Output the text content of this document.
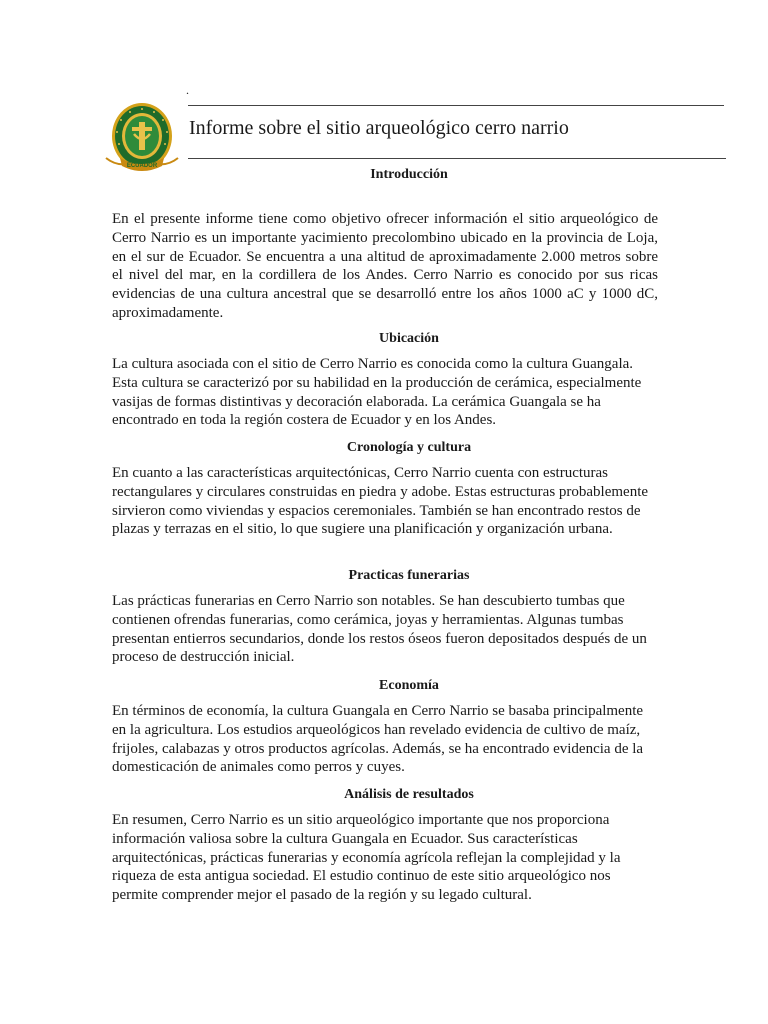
.
ECUADOR
Informe sobre el sitio arqueológico cerro narrio
Introducción

En el presente informe tiene como objetivo ofrecer información el sitio arqueológico de Cerro Narrio es un importante yacimiento precolombino ubicado en la provincia de Loja, en el sur de Ecuador. Se encuentra a una altitud de aproximadamente 2.000 metros sobre el nivel del mar, en la cordillera de los Andes. Cerro Narrio es conocido por sus ricas evidencias de una cultura ancestral que se desarrolló entre los años 1000 aC y 1000 dC, aproximadamente.

Ubicación

La cultura asociada con el sitio de Cerro Narrio es conocida como la cultura Guangala. Esta cultura se caracterizó por su habilidad en la producción de cerámica, especialmente vasijas de formas distintivas y decoración elaborada. La cerámica Guangala se ha encontrado en toda la región costera de Ecuador y en los Andes.

Cronología y cultura

En cuanto a las características arquitectónicas, Cerro Narrio cuenta con estructuras rectangulares y circulares construidas en piedra y adobe. Estas estructuras probablemente sirvieron como viviendas y espacios ceremoniales. También se han encontrado restos de plazas y terrazas en el sitio, lo que sugiere una planificación y organización urbana.

Practicas funerarias

Las prácticas funerarias en Cerro Narrio son notables. Se han descubierto tumbas que contienen ofrendas funerarias, como cerámica, joyas y herramientas. Algunas tumbas presentan entierros secundarios, donde los restos óseos fueron depositados después de un proceso de destrucción inicial.

Economía

En términos de economía, la cultura Guangala en Cerro Narrio se basaba principalmente en la agricultura. Los estudios arqueológicos han revelado evidencia de cultivo de maíz, frijoles, calabazas y otros productos agrícolas. Además, se ha encontrado evidencia de la domesticación de animales como perros y cuyes.

Análisis de resultados

En resumen, Cerro Narrio es un sitio arqueológico importante que nos proporciona información valiosa sobre la cultura Guangala en Ecuador. Sus características arquitectónicas, prácticas funerarias y economía agrícola reflejan la complejidad y la riqueza de esta antigua sociedad. El estudio continuo de este sitio arqueológico nos permite comprender mejor el pasado de la región y su legado cultural.
